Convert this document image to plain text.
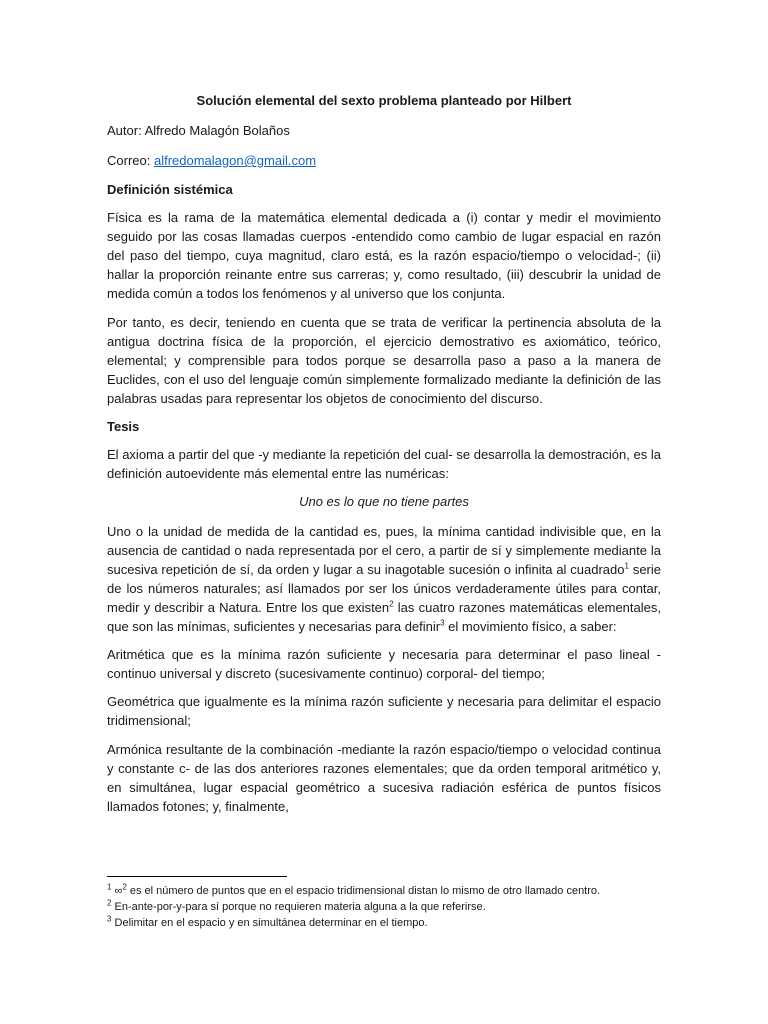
Solución elemental del sexto problema planteado por Hilbert
Autor: Alfredo Malagón Bolaños
Correo: alfredomalagon@gmail.com
Definición sistémica

Física es la rama de la matemática elemental dedicada a (i) contar y medir el movimiento seguido por las cosas llamadas cuerpos -entendido como cambio de lugar espacial en razón del paso del tiempo, cuya magnitud, claro está, es la razón espacio/tiempo o velocidad-; (ii) hallar la proporción reinante entre sus carreras; y, como resultado, (iii) descubrir la unidad de medida común a todos los fenómenos y al universo que los conjunta.

Por tanto, es decir, teniendo en cuenta que se trata de verificar la pertinencia absoluta de la antigua doctrina física de la proporción, el ejercicio demostrativo es axiomático, teórico, elemental; y comprensible para todos porque se desarrolla paso a paso a la manera de Euclides, con el uso del lenguaje común simplemente formalizado mediante la definición de las palabras usadas para representar los objetos de conocimiento del discurso.

Tesis

El axioma a partir del que -y mediante la repetición del cual- se desarrolla la demostración, es la definición autoevidente más elemental entre las numéricas:

Uno es lo que no tiene partes

Uno o la unidad de medida de la cantidad es, pues, la mínima cantidad indivisible que, en la ausencia de cantidad o nada representada por el cero, a partir de sí y simplemente mediante la sucesiva repetición de sí, da orden y lugar a su inagotable sucesión o infinita al cuadrado$^1$ serie de los números naturales; así llamados por ser los únicos verdaderamente útiles para contar, medir y describir a Natura. Entre los que existen$^2$ las cuatro razones matemáticas elementales, que son las mínimas, suficientes y necesarias para definir$^3$ el movimiento físico, a saber:

Aritmética que es la mínima razón suficiente y necesaria para determinar el paso lineal -continuo universal y discreto (sucesivamente continuo) corporal- del tiempo;

Geométrica que igualmente es la mínima razón suficiente y necesaria para delimitar el espacio tridimensional;

Armónica resultante de la combinación -mediante la razón espacio/tiempo o velocidad continua y constante c- de las dos anteriores razones elementales; que da orden temporal aritmético y, en simultánea, lugar espacial geométrico a sucesiva radiación esférica de puntos físicos llamados fotones; y, finalmente,

$^1$ ∞$^2$ es el número de puntos que en el espacio tridimensional distan lo mismo de otro llamado centro.
$^2$ En-ante-por-y-para sí porque no requieren materia alguna a la que referirse.
$^3$ Delimitar en el espacio y en simultánea determinar en el tiempo.
